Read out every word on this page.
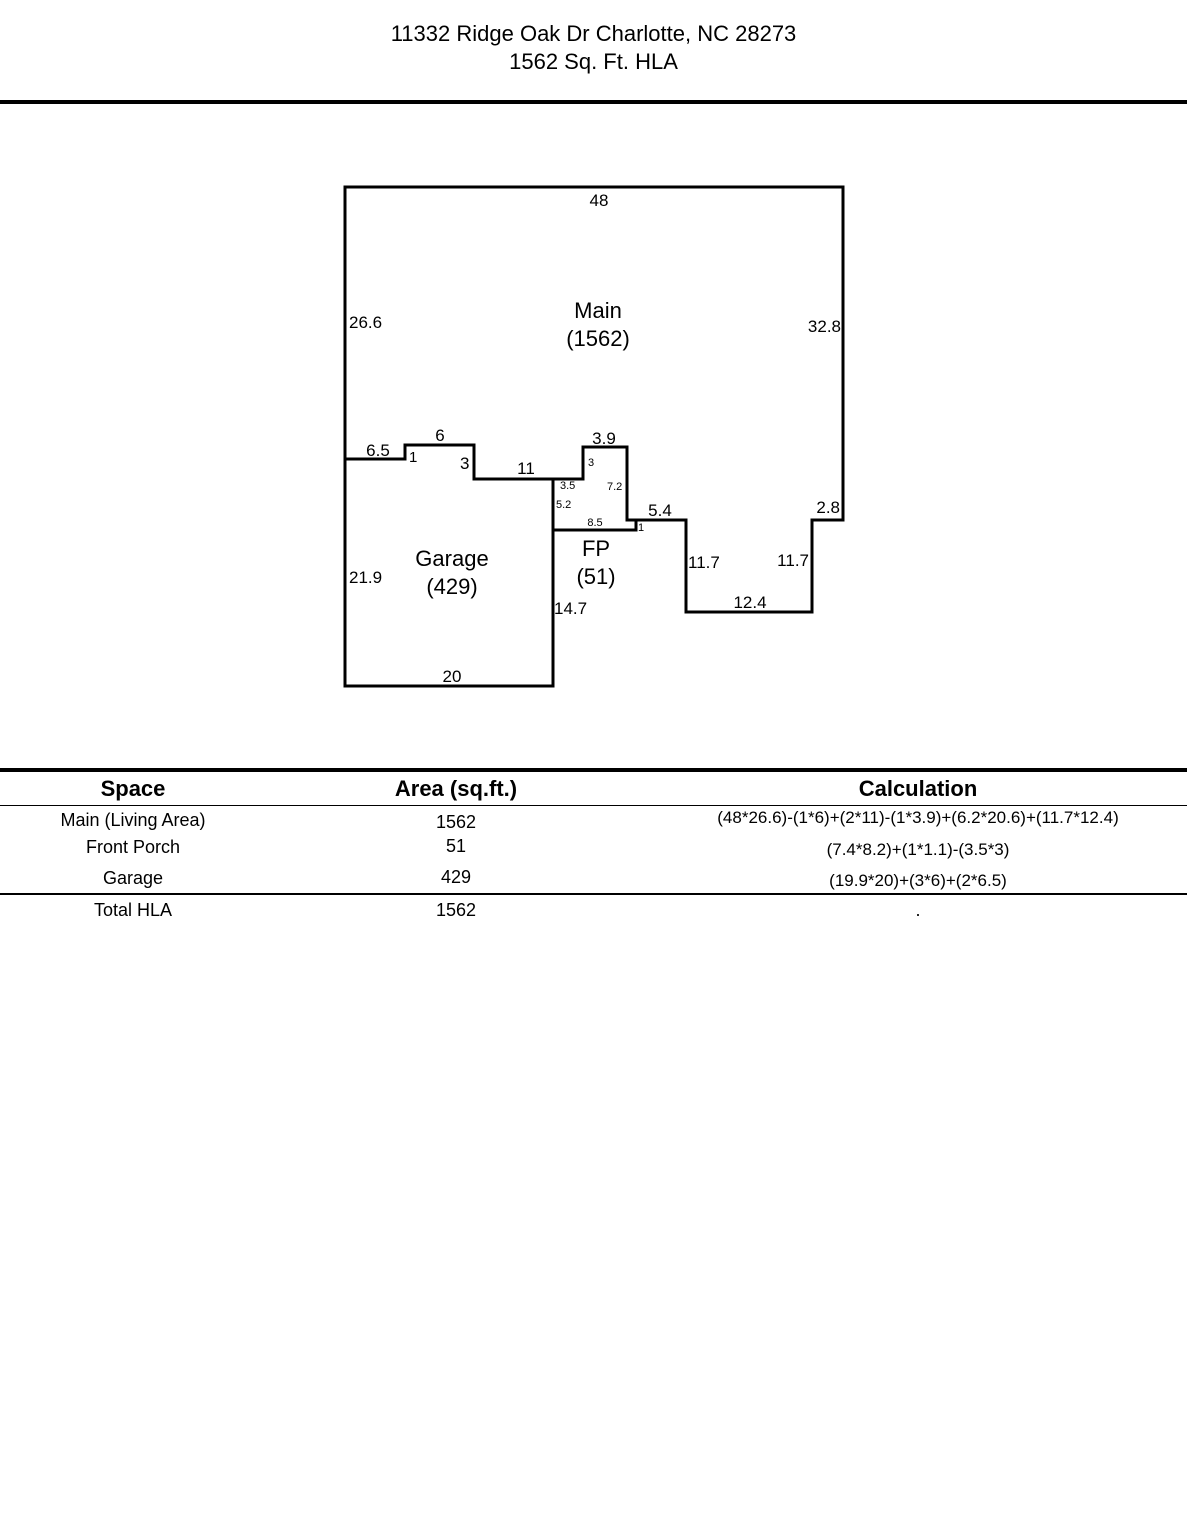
11332 Ridge Oak Dr Charlotte, NC 28273
1562 Sq. Ft. HLA
Main
(1562)
Garage
(429)
FP
(51)
48
26.6	32.8
6.5 1
6
3	11
3.9
3
3.5	7.2
5.2
8.5	1
5.4	2.8
11.7	11.7
12.4
21.9
14.7
20
Space	Area (sq.ft.)	Calculation
Main (Living Area)	1562	(48*26.6)-(1*6)+(2*11)-(1*3.9)+(6.2*20.6)+(11.7*12.4)
Front Porch	51	(7.4*8.2)+(1*1.1)-(3.5*3)
Garage	429	(19.9*20)+(3*6)+(2*6.5)
Total HLA	1562	.
